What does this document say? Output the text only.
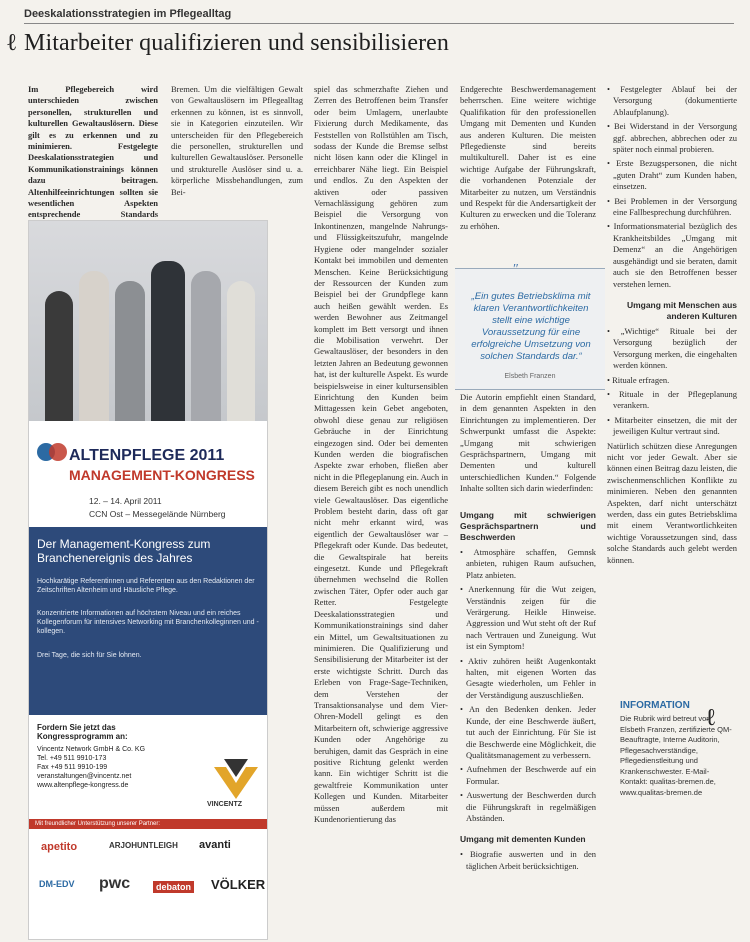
Deeskalationsstrategien im Pflegealltag
ℓ Mitarbeiter qualifizieren und sensibilisieren
Im Pflegebereich wird unterschieden zwischen personellen, strukturellen und kulturellen Gewaltauslösern. Diese gilt es zu erkennen und zu minimieren. Festgelegte Deeskalationsstrategien und Kommunikationstrainings können dazu beitragen. Altenhilfeeinrichtungen sollten sie wesentlichen Aspekten entsprechende Standards
Bremen. Um die vielfältigen Gewalt von Gewaltauslösern im Pflegealltag erkennen zu können, ist es sinnvoll, sie in Kategorien einzuteilen. Wir unterscheiden für den Pflegebereich die personellen, strukturellen und kulturellen Gewaltauslöser. Personelle und strukturelle Auslöser sind u. a. körperliche Missbehandlungen, zum Bei-
spiel das schmerzhafte Ziehen und Zerren des Betroffenen beim Transfer oder beim Umlagern, unerlaubte Fixierung durch Medikamente, das Feststellen von Rollstühlen am Tisch, sodass der Kunde die Bremse selbst nicht lösen kann oder die Klingel in erreichbarer Nähe liegt. Ein Beispiel und endlos. Zu den Aspekten der aktiven oder passiven Vernachlässigung gehören zum Beispiel die Versorgung von Inkontinenzen, mangelnde Nahrungs- und Flüssigkeitszufuhr, mangelnde Hygiene oder mangelnder sozialer Kontakt bei immobilen und dementen Menschen. Keine Berücksichtigung der Ressourcen der Kunden zum Beispiel bei der Grundpflege kann auch heißen gewählt werden. Es werden Bewohner aus Zeitmangel komplett im Bett versorgt und ihnen die Mobilisation verwehrt. Der Gewaltauslöser, der besonders in den letzten Jahren an Bedeutung gewonnen hat, ist der kulturelle Aspekt. Es wurde beispielsweise in einer kultursensiblen Einrichtung den Kunden beim Mittagessen kein Gebet angeboten, obwohl diese genau zur religiösen Gebräuche in der Einrichtung eingezogen sind. Oder bei dementen Kunden werden die biografischen Aspekte zwar erhoben, fließen aber nicht in die Pflegeplanung ein. Auch in diesem Bereich gibt es noch unendlich viele Gewaltauslöser. Das eigentliche Problem besteht darin, dass oft gar nicht mehr erkannt wird, was eigentlich der Gewaltauslöser war – Pflegekraft oder Kunde. Das bedeutet, die Gewaltspirale hat bereits eingesetzt. Kunde und Pflegekraft übernehmen wechselnd die Rollen zwischen Täter, Opfer oder auch gar Retter. Festgelegte Deeskalationsstrategien und Kommunikationstrainings sind daher ein Mittel, um Gewaltsituationen zu minimieren. Die Qualifizierung und Sensibilisierung der Mitarbeiter ist der erste wichtigste Schritt. Durch das Erleben von Frage-Sage-Techniken, dem Verstehen der Transaktionsanalyse und dem Vier-Ohren-Modell gelingt es den Mitarbeitern oft, schwierige aggressive Kunden oder Angehörige zu beruhigen, damit das Gespräch in eine positive Richtung gelenkt werden kann. Ein wichtiger Schritt ist die gewaltfreie Kommunikation unter Kollegen und Kunden. Mitarbeiter müssen außerdem mit Kundenorientierung das
Endgerechte Beschwerdemanagement beherrschen. Eine weitere wichtige Qualifikation für den professionellen Umgang mit Dementen und Kunden aus anderen Kulturen. Die meisten Pflegedienste sind bereits multikulturell. Daher ist es eine wichtige Aufgabe der Führungskraft, die vorhandenen Potenziale der Mitarbeiter zu nutzen, um Verständnis und Respekt für die Andersartigkeit der Kulturen zu erwecken und die Toleranz zu erhöhen.
Die Autorin empfiehlt einen Standard, in dem genannten Aspekten in den Einrichtungen zu implementieren. Der Schwerpunkt umfasst die Aspekte: „Umgang mit schwierigen Gesprächspartnern, Umgang mit Dementen und kulturell unterschiedlichen Kunden.“ Folgende Inhalte sollten sich darin wiederfinden:
Umgang mit schwierigen Gesprächspartnern und Beschwerden
• Atmosphäre schaffen, Gemnsk anbieten, ruhigen Raum aufsuchen, Platz anbieten.
• Anerkennung für die Wut zeigen, Verständnis zeigen für die Verärgerung. Heikle Hinweise. Aggression und Wut steht oft der Ruf nach Vertrauen und Zuneigung. Wut ist ein Symptom!
• Aktiv zuhören heißt Augenkontakt halten, mit eigenen Worten das Gesagte wiederholen, um Fehler in der Verständigung auszuschließen.
• An den Bedenken denken. Jeder Kunde, der eine Beschwerde äußert, tut auch der Einrichtung. Für Sie ist die Beschwerde eine Möglichkeit, die Qualitätsmanagement zu verbessern.
• Aufnehmen der Beschwerde auf ein Formular.
• Auswertung der Beschwerden durch die Führungskraft in regelmäßigen Abständen.
Umgang mit dementen Kunden
• Biografie auswerten und in den täglichen Arbeit berücksichtigen.
″
„Ein gutes Betriebsklima mit klaren Verantwortlichkeiten stellt eine wichtige Voraussetzung für eine erfolgreiche Umsetzung von solchen Standards dar.“
Elsbeth Franzen
• Festgelegter Ablauf bei der Versorgung (dokumentierte Ablaufplanung).
• Bei Widerstand in der Versorgung ggf. abbrechen, abbrechen oder zu später noch einmal probieren.
• Erste Bezugspersonen, die nicht „guten Draht“ zum Kunden haben, einsetzen.
• Bei Problemen in der Versorgung eine Fallbesprechung durchführen.
• Informationsmaterial bezüglich des Krankheitsbildes „Umgang mit Demenz“ an die Angehörigen ausgehändigt und sie beraten, damit auch sie den Betroffenen besser verstehen lernen.
Umgang mit Menschen aus anderen Kulturen
• „Wichtige“ Rituale bei der Versorgung bezüglich der Versorgung merken, die eingehalten werden können.
• Rituale erfragen.
• Rituale in der Pflegeplanung verankern.
• Mitarbeiter einsetzen, die mit der jeweiligen Kultur vertraut sind.

Natürlich schützen diese Anregungen nicht vor jeder Gewalt. Aber sie können einen Beitrag dazu leisten, die zwischenmenschlichen Konflikte zu minimieren. Neben den genannten Aspekten, darf nicht unterschätzt werden, dass ein gutes Betriebsklima mit einem Verantwortlichkeiten wichtige Voraussetzungen sind, dass solche Standards auch gelebt werden können.

INFORMATION ℓ
Die Rubrik wird betreut von Elsbeth Franzen, zertifizierte QM-Beauftragte, Interne Auditorin, Pflegesachverständige, Pflegedienstleitung und Krankenschwester. E-Mail-Kontakt: qualitas-bremen.de, www.qualitas-bremen.de
ALTENPFLEGE 2011
MANAGEMENT-KONGRESS
12. – 14. April 2011
CCN Ost – Messegelände Nürnberg
Der Management-Kongress zum Branchenereignis des Jahres
Hochkarätige Referentinnen und Referenten aus den Redaktionen der Zeitschriften Altenheim und Häusliche Pflege.
Konzentrierte Informationen auf höchstem Niveau und ein reiches Kollegenforum für intensives Networking mit Branchenkolleginnen und -kollegen.
Drei Tage, die sich für Sie lohnen.
Fordern Sie jetzt das Kongressprogramm an:
Vincentz Network GmbH & Co. KG
Tel. +49 511 9910-173
Fax +49 511 9910-199
veranstaltungen@vincentz.net
www.altenpflege-kongress.de
VINCENTZ
Mit freundlicher Unterstützung unserer Partner:
apetito	ARJOHUNTLEIGH avanti
DM-EDV pwc	debaton VÖLKER
